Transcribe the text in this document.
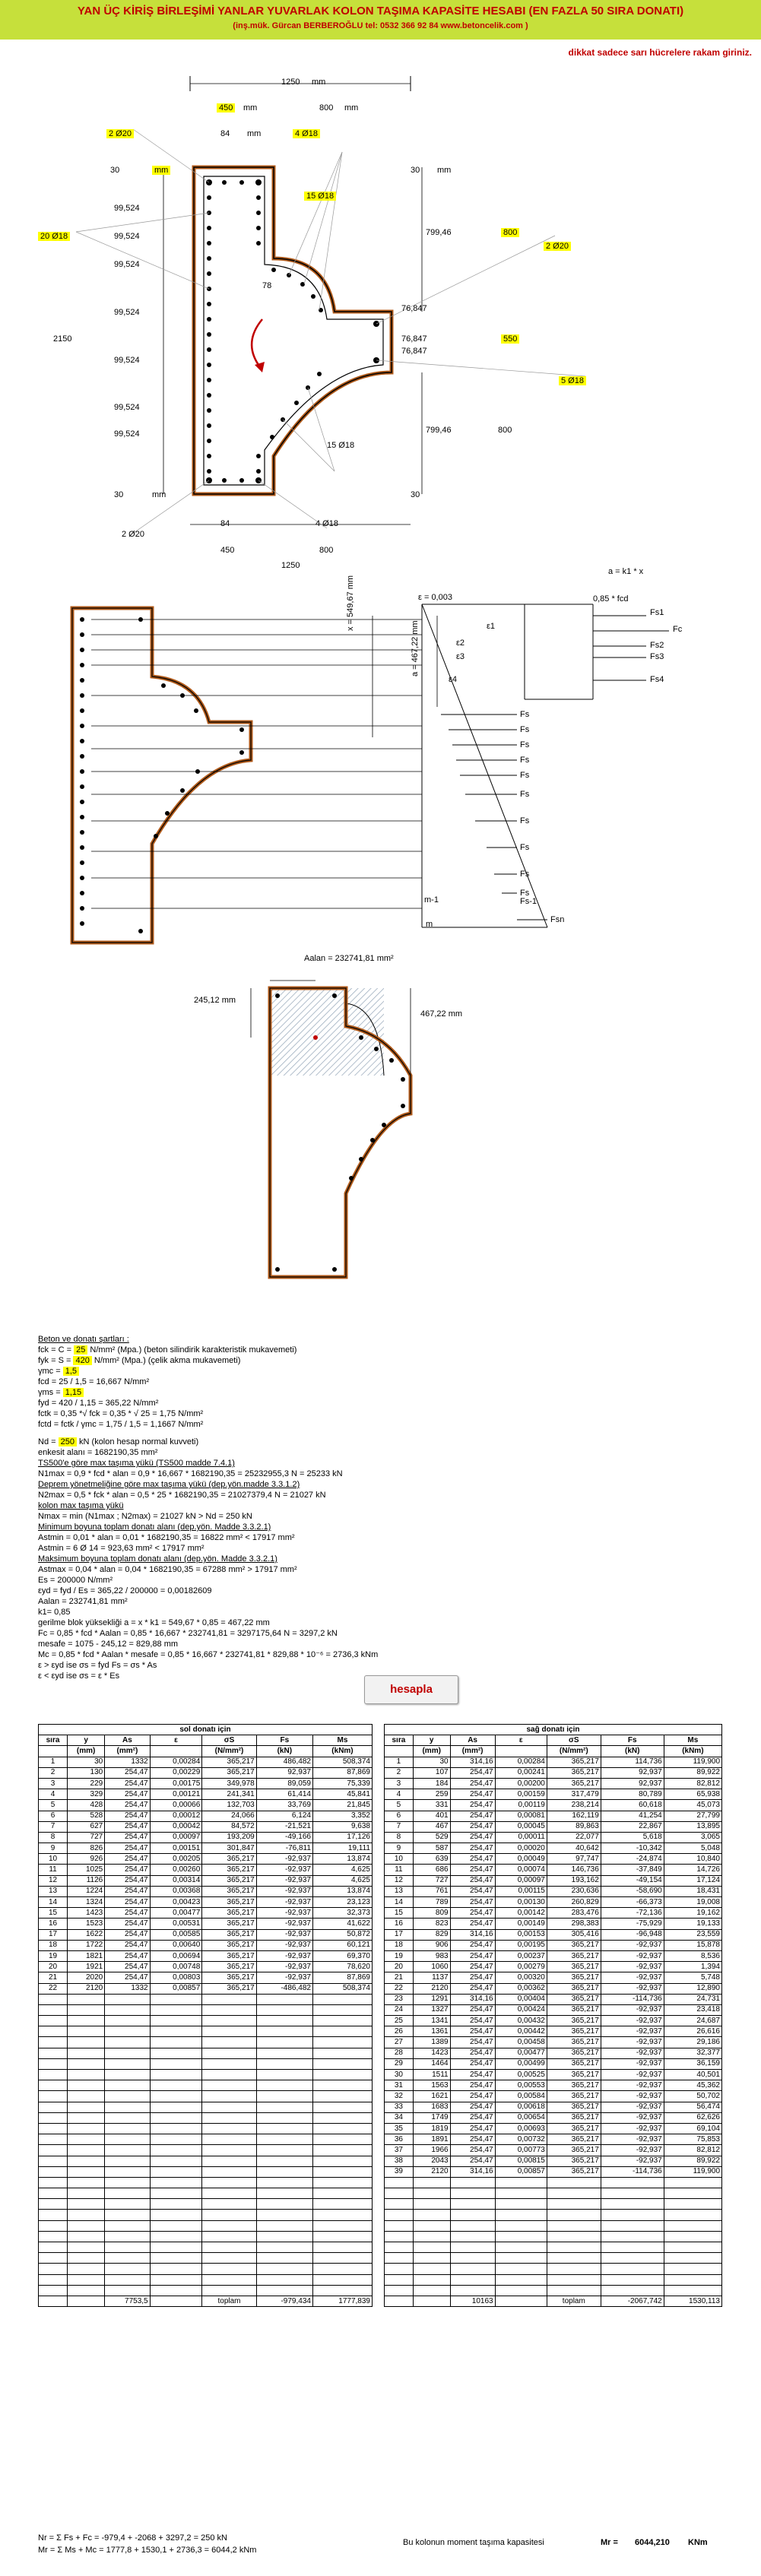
YAN ÜÇ KİRİŞ BİRLEŞİMİ YANLAR YUVARLAK KOLON TAŞIMA KAPASİTE HESABI (EN FAZLA 50 SIRA DONATI)
(inş.mük. Gürcan BERBEROĞLU tel: 0532 366 92 84 www.betoncelik.com )
dikkat sadece sarı hücrelere rakam giriniz.
1250 mm
450 mm	800 mm
2 Ø20	84 mm	4 Ø18
30	mm	30 mm
15 Ø18
99,524
20 Ø18	99,524
2 Ø20
99,524
78
76,847
99,524
76,847
76,847
550
2150
99,524
5 Ø18
800
799,46
800
799,46
99,524
99,524
15 Ø18
30	mm	30
2 Ø20
4 Ø18
84
450	800
1250
ε = 0,003	0,85 * fcd
a = k1 * x
x = 549,67 mm
a = 467,22 mm	ε1
ε2
ε3
ε4
Fs1
Fc
Fs2
Fs3
Fs4
Fs
Fs
Fs
Fs
Fs
Fs
Fs
Fs
Fs
Fs
Fs-1
Fsn
m-1
m
Aalan = 232741,81 mm²
245,12 mm
467,22 mm
Beton ve donatı şartları :
fck = C = 25 N/mm² (Mpa.) (beton silindirik karakteristik mukavemeti)
fyk = S = 420 N/mm² (Mpa.) (çelik akma mukavemeti)
γmc = 1,5
fcd = 25 / 1,5 = 16,667 N/mm²
γms = 1,15
fyd = 420 / 1,15 = 365,22 N/mm²
fctk = 0,35 *√ fck = 0,35 * √ 25 = 1,75 N/mm²
fctd = fctk / γmc = 1,75 / 1,5 = 1,1667 N/mm²
Nd = 250 kN (kolon hesap normal kuvveti)
enkesit alanı = 1682190,35 mm²
TS500'e göre max taşıma yükü (TS500 madde 7.4.1)
N1max = 0,9 * fcd * alan = 0,9 * 16,667 * 1682190,35 = 25232955,3 N = 25233 kN
Deprem yönetmeliğine göre max taşıma yükü (dep.yön.madde 3.3.1.2)
N2max = 0,5 * fck * alan = 0,5 * 25 * 1682190,35 = 21027379,4 N = 21027 kN
kolon max taşıma yükü
Nmax = min (N1max ; N2max) = 21027 kN > Nd = 250 kN
Minimum boyuna toplam donatı alanı (dep.yön. Madde 3.3.2.1)
Astmin = 0,01 * alan = 0,01 * 1682190,35 = 16822 mm² < 17917 mm²
Astmin = 6 Ø 14 = 923,63 mm² < 17917 mm²
Maksimum boyuna toplam donatı alanı (dep.yön. Madde 3.3.2.1)
Astmax = 0,04 * alan = 0,04 * 1682190,35 = 67288 mm² > 17917 mm²
Es = 200000 N/mm²
εyd = fyd / Es = 365,22 / 200000 = 0,00182609
Aalan = 232741,81 mm²
k1= 0,85
gerilme blok yüksekliği a = x * k1 = 549,67 * 0,85 = 467,22 mm
Fc = 0,85 * fcd * Aalan = 0,85 * 16,667 * 232741,81 = 3297175,64 N = 3297,2 kN
mesafe = 1075 - 245,12 = 829,88 mm
Mc = 0,85 * fcd * Aalan * mesafe = 0,85 * 16,667 * 232741,81 * 829,88 * 10⁻⁶ = 2736,3 kNm
ε > εyd ise σs = fyd Fs = σs * As
ε < εyd ise σs = ε * Es
hesapla
sol donatı için						
sıra	y	As	ε	σS	Fs	Ms
	(mm)	(mm²)		(N/mm²)	(kN)	(kNm)
1	30	1332	0,00284	365,217	486,482	508,374
2	130	254,47	0,00229	365,217	92,937	87,869
3	229	254,47	0,00175	349,978	89,059	75,339
4	329	254,47	0,00121	241,341	61,414	45,841
5	428	254,47	0,00066	132,703	33,769	21,845
6	528	254,47	0,00012	24,066	6,124	3,352
7	627	254,47	0,00042	84,572	-21,521	9,638
8	727	254,47	0,00097	193,209	-49,166	17,126
9	826	254,47	0,00151	301,847	-76,811	19,111
10	926	254,47	0,00205	365,217	-92,937	13,874
11	1025	254,47	0,00260	365,217	-92,937	4,625
12	1126	254,47	0,00314	365,217	-92,937	4,625
13	1224	254,47	0,00368	365,217	-92,937	13,874
14	1324	254,47	0,00423	365,217	-92,937	23,123
15	1423	254,47	0,00477	365,217	-92,937	32,373
16	1523	254,47	0,00531	365,217	-92,937	41,622
17	1622	254,47	0,00585	365,217	-92,937	50,872
18	1722	254,47	0,00640	365,217	-92,937	60,121
19	1821	254,47	0,00694	365,217	-92,937	69,370
20	1921	254,47	0,00748	365,217	-92,937	78,620
21	2020	254,47	0,00803	365,217	-92,937	87,869
22	2120	1332	0,00857	365,217	-486,482	508,374

		7753,5		toplam	-979,434	1777,839
sağ donatı için						
sıra	y	As	ε	σS	Fs	Ms
	(mm)	(mm²)		(N/mm²)	(kN)	(kNm)
1	30	314,16	0,00284	365,217	114,736	119,900
2	107	254,47	0,00241	365,217	92,937	89,922
3	184	254,47	0,00200	365,217	92,937	82,812
4	259	254,47	0,00159	317,479	80,789	65,938
5	331	254,47	0,00119	238,214	60,618	45,073
6	401	254,47	0,00081	162,119	41,254	27,799
7	467	254,47	0,00045	89,863	22,867	13,895
8	529	254,47	0,00011	22,077	5,618	3,065
9	587	254,47	0,00020	40,642	-10,342	5,048
10	639	254,47	0,00049	97,747	-24,874	10,840
11	686	254,47	0,00074	146,736	-37,849	14,726
12	727	254,47	0,00097	193,162	-49,154	17,124
13	761	254,47	0,00115	230,636	-58,690	18,431
14	789	254,47	0,00130	260,829	-66,373	19,008
15	809	254,47	0,00142	283,476	-72,136	19,162
16	823	254,47	0,00149	298,383	-75,929	19,133
17	829	314,16	0,00153	305,416	-96,948	23,559
18	906	254,47	0,00195	365,217	-92,937	15,878
19	983	254,47	0,00237	365,217	-92,937	8,536
20	1060	254,47	0,00279	365,217	-92,937	1,394
21	1137	254,47	0,00320	365,217	-92,937	5,748
22	2120	254,47	0,00362	365,217	-92,937	12,890
23	1291	314,16	0,00404	365,217	-114,736	24,731
24	1327	254,47	0,00424	365,217	-92,937	23,418
25	1341	254,47	0,00432	365,217	-92,937	24,687
26	1361	254,47	0,00442	365,217	-92,937	26,616
27	1389	254,47	0,00458	365,217	-92,937	29,186
28	1423	254,47	0,00477	365,217	-92,937	32,377
29	1464	254,47	0,00499	365,217	-92,937	36,159
30	1511	254,47	0,00525	365,217	-92,937	40,501
31	1563	254,47	0,00553	365,217	-92,937	45,362
32	1621	254,47	0,00584	365,217	-92,937	50,702
33	1683	254,47	0,00618	365,217	-92,937	56,474
34	1749	254,47	0,00654	365,217	-92,937	62,626
35	1819	254,47	0,00693	365,217	-92,937	69,104
36	1891	254,47	0,00732	365,217	-92,937	75,853
37	1966	254,47	0,00773	365,217	-92,937	82,812
38	2043	254,47	0,00815	365,217	-92,937	89,922
39	2120	314,16	0,00857	365,217	-114,736	119,900

		10163		toplam	-2067,742	1530,113
Nr = Σ Fs + Fc = -979,4 + -2068 + 3297,2 = 250 kN
Mr = Σ Ms + Mc = 1777,8 + 1530,1 + 2736,3 = 6044,2 kNm
Bu kolonun moment taşıma kapasitesi	Mr = 6044,210 KNm
